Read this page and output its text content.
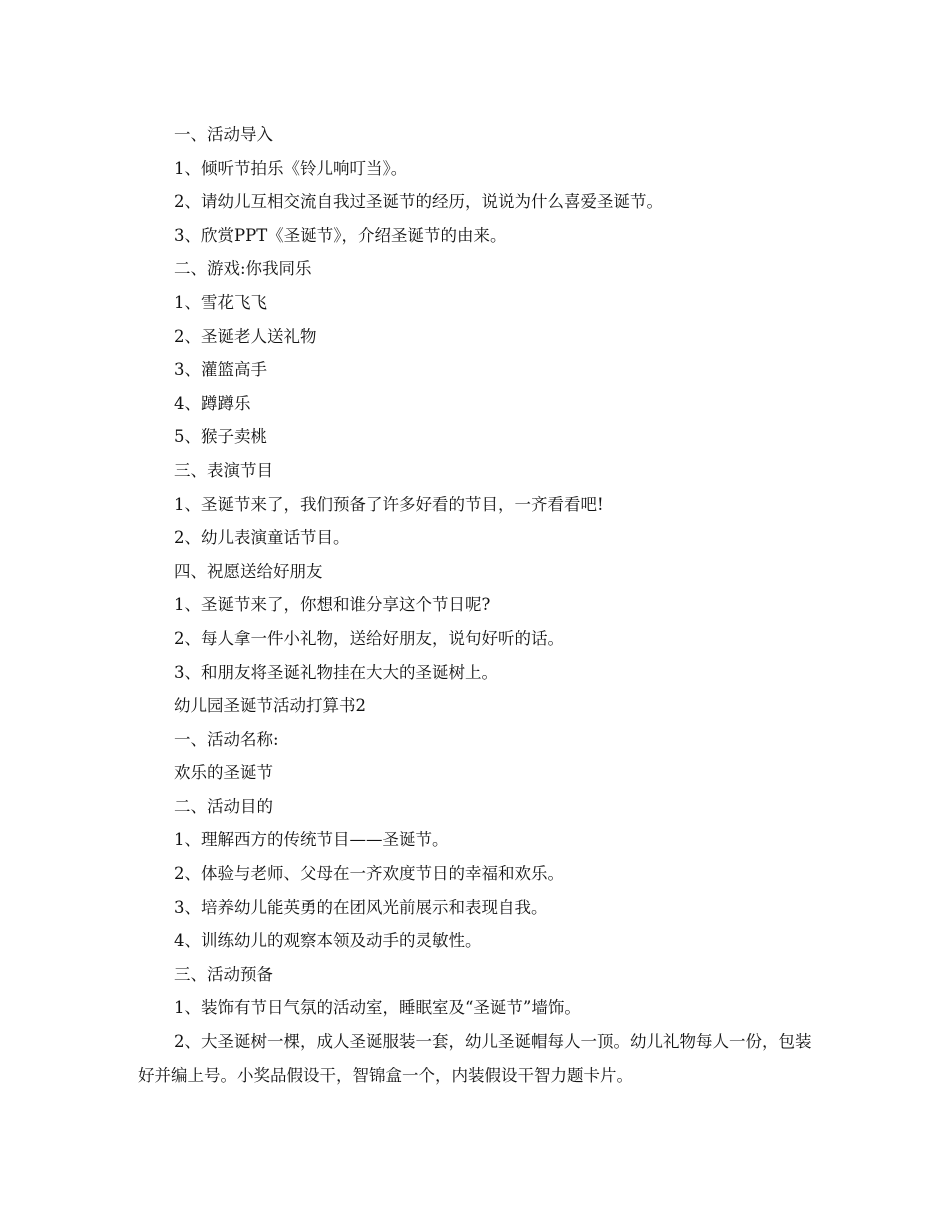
一、活动导入
1、倾听节拍乐《铃儿响叮当》。
2、请幼儿互相交流自我过圣诞节的经历，说说为什么喜爱圣诞节。
3、欣赏PPT《圣诞节》，介绍圣诞节的由来。
二、游戏:你我同乐
1、雪花飞飞
2、圣诞老人送礼物
3、灌篮高手
4、蹲蹲乐
5、猴子卖桃
三、表演节目
1、圣诞节来了，我们预备了许多好看的节目，一齐看看吧!
2、幼儿表演童话节目。
四、祝愿送给好朋友
1、圣诞节来了，你想和谁分享这个节日呢?
2、每人拿一件小礼物，送给好朋友，说句好听的话。
3、和朋友将圣诞礼物挂在大大的圣诞树上。
幼儿园圣诞节活动打算书2
一、活动名称:
欢乐的圣诞节
二、活动目的
1、理解西方的传统节目——圣诞节。
2、体验与老师、父母在一齐欢度节日的幸福和欢乐。
3、培养幼儿能英勇的在团风光前展示和表现自我。
4、训练幼儿的观察本领及动手的灵敏性。
三、活动预备
1、装饰有节日气氛的活动室，睡眠室及“圣诞节”墙饰。

2、大圣诞树一棵，成人圣诞服装一套，幼儿圣诞帽每人一顶。幼儿礼物每人一份，包装好并编上号。小奖品假设干，智锦盒一个，内装假设干智力题卡片。
